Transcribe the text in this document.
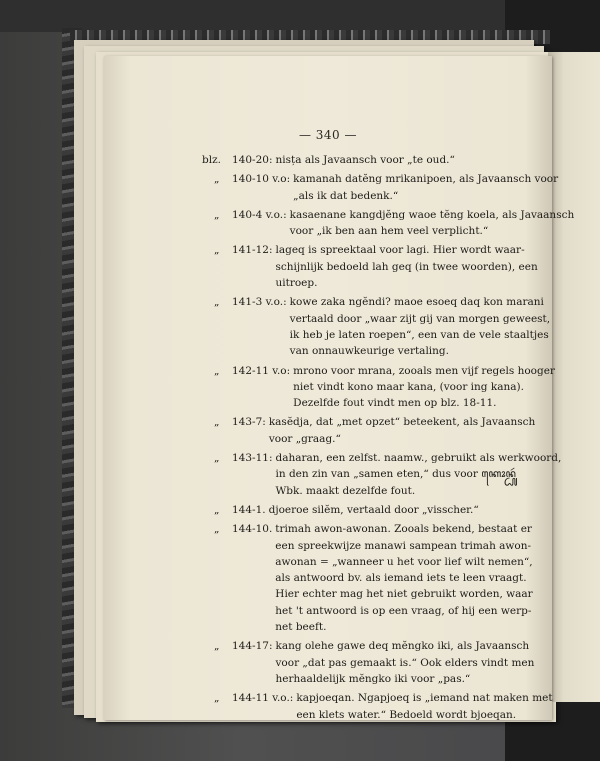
— 340 —
blz.	140-20: nisța als Javaansch voor „te oud.“
„	140-10 v.o: kamanah datĕng mrikanipoen, als Javaansch voor
„als ik dat bedenk.“
„	140-4 v.o.: kasaenane kangdjĕng waoe tĕng koela, als Javaansch
voor „ik ben aan hem veel verplicht.“
„	141-12: lageq is spreektaal voor lagi. Hier wordt waar-
schijnlijk bedoeld lah geq (in twee woorden), een
uitroep.
„	141-3 v.o.: kowe zaka ngĕndi? maoe esoeq daq kon marani
vertaald door „waar zijt gij van morgen geweest,
ik heb je laten roepen“, een van de vele staaltjes
van onnauwkeurige vertaling.
„	142-11 v.o: mrono voor mrana, zooals men vijf regels hooger
niet vindt kono maar kana, (voor ing kana).
Dezelfde fout vindt men op blz. 18-11.
„	143-7: kasĕdja, dat „met opzet“ beteekent, als Javaansch
voor „graag.“
„	143-11: daharan, een zelfst. naamw., gebruikt als werkwoord,
in den zin van „samen eten,“ dus voor ꦏꦺꦴꦤ꧀ꦝꦸꦂ
Wbk. maakt dezelfde fout.
„	144-1. djoeroe silĕm, vertaald door „visscher.“
„	144-10. trimah awon-awonan. Zooals bekend, bestaat er
een spreekwijze manawi sampean trimah awon-
awonan = „wanneer u het voor lief wilt nemen“,
als antwoord bv. als iemand iets te leen vraagt.
Hier echter mag het niet gebruikt worden, waar
het 't antwoord is op een vraag, of hij een werp-
net beeft.
„	144-17: kang olehe gawe deq mĕngko iki, als Javaansch
voor „dat pas gemaakt is.“ Ook elders vindt men
herhaaldelijk mĕngko iki voor „pas.“
„	144-11 v.o.: kapjoeqan. Ngapjoeq is „iemand nat maken met
een klets water.“ Bedoeld wordt bjoeqan.
